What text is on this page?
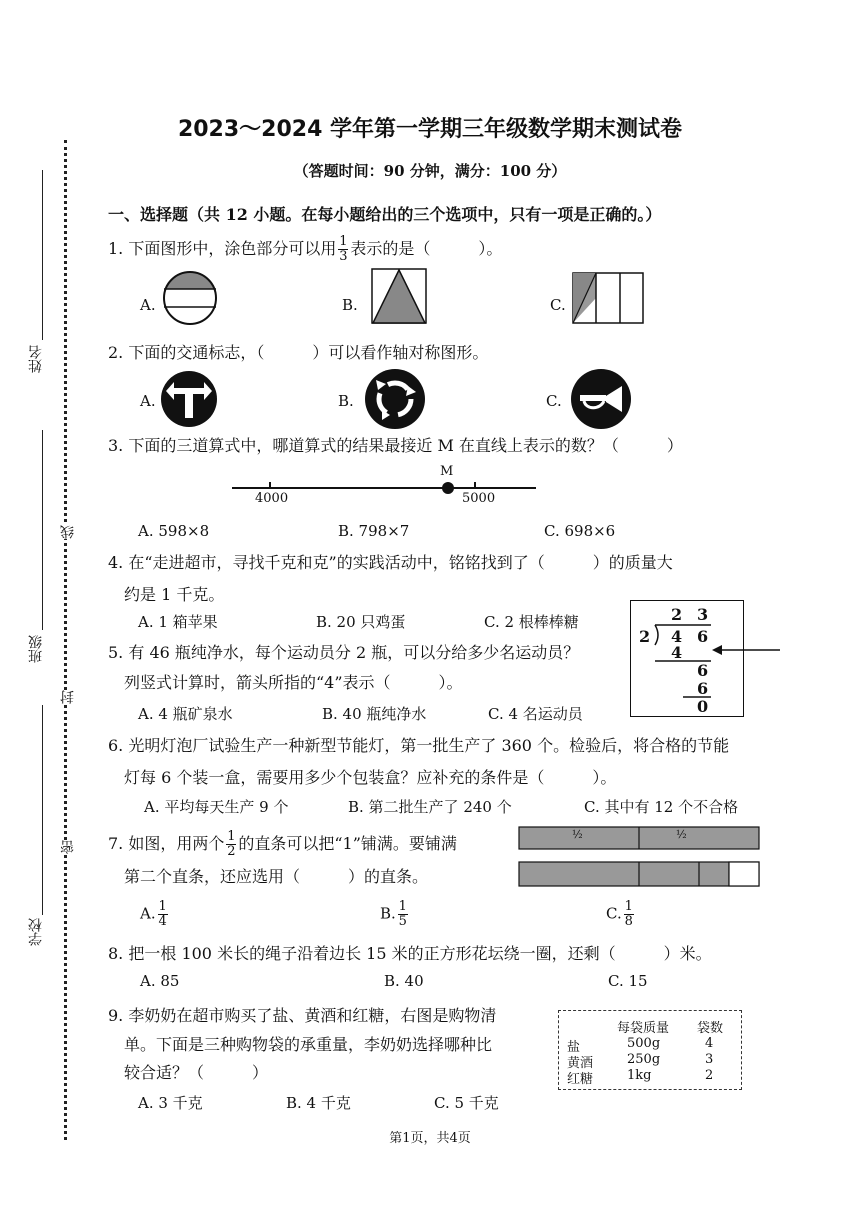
姓名
班级
学校
线
封
密
2023～2024 学年第一学期三年级数学期末测试卷
（答题时间：90 分钟，满分：100 分）
一、选择题（共 12 小题。在每小题给出的三个选项中，只有一项是正确的。）
1. 下面图形中，涂色部分可以用 $\frac{1}{3}$ 表示的是（　　　）。
A.	B.	C.
2. 下面的交通标志，（　　　）可以看作轴对称图形。
A.	B.	C.
3. 下面的三道算式中，哪道算式的结果最接近 M 在直线上表示的数？（　　　）
M
4000	5000
A. 598×8	B. 798×7	C. 698×6
4. 在“走进超市，寻找千克和克”的实践活动中，铭铭找到了（　　　）的质量大
约是 1 千克。
A. 1 箱苹果	B. 20 只鸡蛋	C. 2 根棒棒糖	2 3
2 4 6
4
6
6
0
5. 有 46 瓶纯净水，每个运动员分 2 瓶，可以分给多少名运动员？
列竖式计算时，箭头所指的“4”表示（　　　）。
A. 4 瓶矿泉水	B. 40 瓶纯净水	C. 4 名运动员
6. 光明灯泡厂试验生产一种新型节能灯，第一批生产了 360 个。检验后，将合格的节能
灯每 6 个装一盒，需要用多少个包装盒？应补充的条件是（　　　）。
A. 平均每天生产 9 个	B. 第二批生产了 240 个	C. 其中有 12 个不合格
7. 如图，用两个 $\frac{1}{2}$ 的直条可以把“1”铺满。要铺满
第二个直条，还应选用（　　　）的直条。
½	½
A. $\frac{1}{4}$	B. $\frac{1}{5}$	C. $\frac{1}{8}$
8. 把一根 100 米长的绳子沿着边长 15 米的正方形花坛绕一圈，还剩（　　　）米。
A. 85	B. 40	C. 15
9. 李奶奶在超市购买了盐、黄酒和红糖，右图是购物清
单。下面是三种购物袋的承重量，李奶奶选择哪种比
较合适？（　　　）
A. 3 千克	B. 4 千克	C. 5 千克
每袋质量 袋数
盐	500g	4
黄酒	250g	3
红糖	1kg	2
第1页，共4页
